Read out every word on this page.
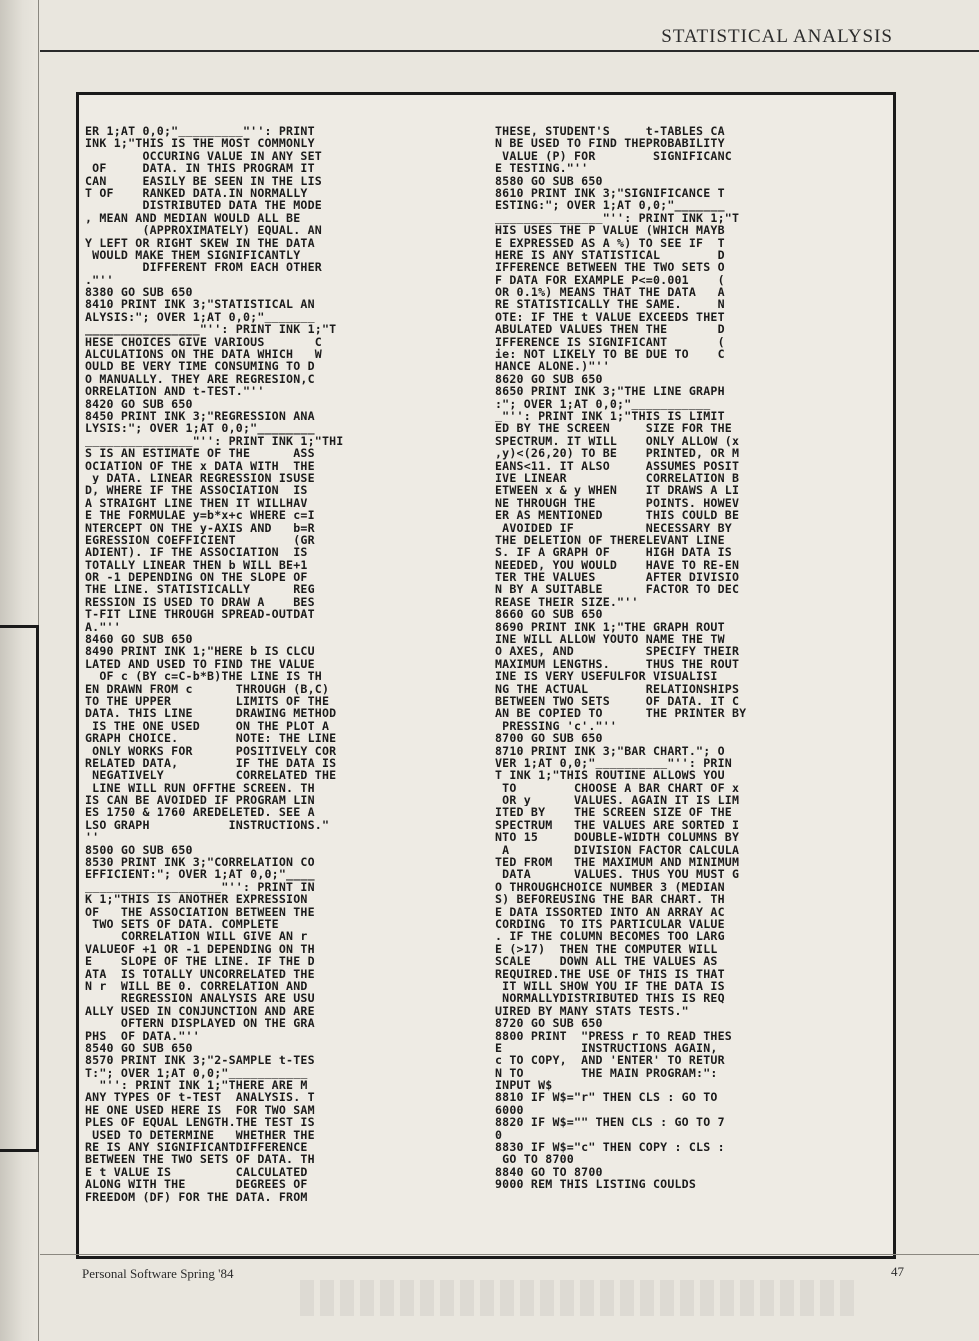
STATISTICAL ANALYSIS
ER 1;AT 0,0;"_________"'': PRINT
INK 1;"THIS IS THE MOST COMMONLY
OCCURING VALUE IN ANY SET
OF     DATA. IN THIS PROGRAM IT
CAN     EASILY BE SEEN IN THE LIS
T OF    RANKED DATA.IN NORMALLY
DISTRIBUTED DATA THE MODE
, MEAN AND MEDIAN WOULD ALL BE
(APPROXIMATELY) EQUAL. AN
Y LEFT OR RIGHT SKEW IN THE DATA
WOULD MAKE THEM SIGNIFICANTLY
DIFFERENT FROM EACH OTHER
."''
8380 GO SUB 650
8410 PRINT INK 3;"STATISTICAL AN
ALYSIS:"; OVER 1;AT 0,0;"_______
________________"'': PRINT INK 1;"T
HESE CHOICES GIVE VARIOUS       C
ALCULATIONS ON THE DATA WHICH   W
OULD BE VERY TIME CONSUMING TO D
O MANUALLY. THEY ARE REGRESION,C
ORRELATION AND t-TEST."''
8420 GO SUB 650
8450 PRINT INK 3;"REGRESSION ANA
LYSIS:"; OVER 1;AT 0,0;"________
_______________"'': PRINT INK 1;"THI
S IS AN ESTIMATE OF THE      ASS
OCIATION OF THE x DATA WITH  THE
y DATA. LINEAR REGRESSION ISUSE
D, WHERE IF THE ASSOCIATION  IS
A STRAIGHT LINE THEN IT WILLHAV
E THE FORMULAE y=b*x+c WHERE c=I
NTERCEPT ON THE y-AXIS AND   b=R
EGRESSION COEFFICIENT        (GR
ADIENT). IF THE ASSOCIATION  IS
TOTALLY LINEAR THEN b WILL BE+1
OR -1 DEPENDING ON THE SLOPE OF
THE LINE. STATISTICALLY      REG
RESSION IS USED TO DRAW A    BES
T-FIT LINE THROUGH SPREAD-OUTDAT
A."''
8460 GO SUB 650
8490 PRINT INK 1;"HERE b IS CLCU
LATED AND USED TO FIND THE VALUE
OF c (BY c=C-b*B)THE LINE IS TH
EN DRAWN FROM c      THROUGH (B,C)
TO THE UPPER         LIMITS OF THE
DATA. THIS LINE      DRAWING METHOD
IS THE ONE USED     ON THE PLOT A
GRAPH CHOICE.        NOTE: THE LINE
ONLY WORKS FOR      POSITIVELY COR
RELATED DATA,        IF THE DATA IS
NEGATIVELY          CORRELATED THE
LINE WILL RUN OFFTHE SCREEN. TH
IS CAN BE AVOIDED IF PROGRAM LIN
ES 1750 & 1760 AREDELETED. SEE A
LSO GRAPH           INSTRUCTIONS."
''
8500 GO SUB 650
8530 PRINT INK 3;"CORRELATION CO
EFFICIENT:"; OVER 1;AT 0,0;"____
___________________"'': PRINT IN
K 1;"THIS IS ANOTHER EXPRESSION
OF   THE ASSOCIATION BETWEEN THE
TWO SETS OF DATA. COMPLETE
CORRELATION WILL GIVE AN r
VALUEOF +1 OR -1 DEPENDING ON TH
E    SLOPE OF THE LINE. IF THE D
ATA  IS TOTALLY UNCORRELATED THE
N r  WILL BE 0. CORRELATION AND
REGRESSION ANALYSIS ARE USU
ALLY USED IN CONJUNCTION AND ARE
OFTERN DISPLAYED ON THE GRA
PHS  OF DATA."''
8540 GO SUB 650
8570 PRINT INK 3;"2-SAMPLE t-TES
T:"; OVER 1;AT 0,0;"___________
"'': PRINT INK 1;"THERE ARE M
ANY TYPES OF t-TEST  ANALYSIS. T
HE ONE USED HERE IS  FOR TWO SAM
PLES OF EQUAL LENGTH.THE TEST IS
USED TO DETERMINE   WHETHER THE
RE IS ANY SIGNIFICANTDIFFERENCE
BETWEEN THE TWO SETS OF DATA. TH
E t VALUE IS         CALCULATED
ALONG WITH THE       DEGREES OF
FREEDOM (DF) FOR THE DATA. FROM
THESE, STUDENT'S     t-TABLES CA
N BE USED TO FIND THEPROBABILITY
VALUE (P) FOR        SIGNIFICANC
E TESTING."''
8580 GO SUB 650
8610 PRINT INK 3;"SIGNIFICANCE T
ESTING:"; OVER 1;AT 0,0;"_______
_______________"'': PRINT INK 1;"T
HIS USES THE P VALUE (WHICH MAYB
E EXPRESSED AS A %) TO SEE IF  T
HERE IS ANY STATISTICAL        D
IFFERENCE BETWEEN THE TWO SETS O
F DATA FOR EXAMPLE P<=0.001    (
OR 0.1%) MEANS THAT THE DATA   A
RE STATISTICALLY THE SAME.     N
OTE: IF THE t VALUE EXCEEDS THET
ABULATED VALUES THEN THE       D
IFFERENCE IS SIGNIFICANT       (
ie: NOT LIKELY TO BE DUE TO    C
HANCE ALONE.)"''
8620 GO SUB 650
8650 PRINT INK 3;"THE LINE GRAPH
:"; OVER 1;AT 0,0;"___________
_"'': PRINT INK 1;"THIS IS LIMIT
ED BY THE SCREEN     SIZE FOR THE
SPECTRUM. IT WILL    ONLY ALLOW (x
,y)<(26,20) TO BE    PRINTED, OR M
EANS<11. IT ALSO     ASSUMES POSIT
IVE LINEAR           CORRELATION B
ETWEEN x & y WHEN    IT DRAWS A LI
NE THROUGH THE       POINTS. HOWEV
ER AS MENTIONED      THIS COULD BE
AVOIDED IF          NECESSARY BY
THE DELETION OF THERELEVANT LINE
S. IF A GRAPH OF     HIGH DATA IS
NEEDED, YOU WOULD    HAVE TO RE-EN
TER THE VALUES       AFTER DIVISIO
N BY A SUITABLE      FACTOR TO DEC
REASE THEIR SIZE."''
8660 GO SUB 650
8690 PRINT INK 1;"THE GRAPH ROUT
INE WILL ALLOW YOUTO NAME THE TW
O AXES, AND          SPECIFY THEIR
MAXIMUM LENGTHS.     THUS THE ROUT
INE IS VERY USEFULFOR VISUALISI
NG THE ACTUAL        RELATIONSHIPS
BETWEEN TWO SETS     OF DATA. IT C
AN BE COPIED TO      THE PRINTER BY
PRESSING 'c'."''
8700 GO SUB 650
8710 PRINT INK 3;"BAR CHART."; O
VER 1;AT 0,0;"__________"'': PRIN
T INK 1;"THIS ROUTINE ALLOWS YOU
TO        CHOOSE A BAR CHART OF x
OR y      VALUES. AGAIN IT IS LIM
ITED BY    THE SCREEN SIZE OF THE
SPECTRUM   THE VALUES ARE SORTED I
NTO 15     DOUBLE-WIDTH COLUMNS BY
A         DIVISION FACTOR CALCULA
TED FROM   THE MAXIMUM AND MINIMUM
DATA      VALUES. THUS YOU MUST G
O THROUGHCHOICE NUMBER 3 (MEDIAN
S) BEFOREUSING THE BAR CHART. TH
E DATA ISSORTED INTO AN ARRAY AC
CORDING  TO ITS PARTICULAR VALUE
. IF THE COLUMN BECOMES TOO LARG
E (>17)  THEN THE COMPUTER WILL
SCALE    DOWN ALL THE VALUES AS
REQUIRED.THE USE OF THIS IS THAT
IT WILL SHOW YOU IF THE DATA IS
NORMALLYDISTRIBUTED THIS IS REQ
UIRED BY MANY STATS TESTS."
8720 GO SUB 650
8800 PRINT  "PRESS r TO READ THES
E           INSTRUCTIONS AGAIN,
c TO COPY,  AND 'ENTER' TO RETUR
N TO        THE MAIN PROGRAM:":
INPUT W$
8810 IF W$="r" THEN CLS : GO TO
6000
8820 IF W$="" THEN CLS : GO TO 7
0
8830 IF W$="c" THEN COPY : CLS :
GO TO 8700
8840 GO TO 8700
9000 REM THIS LISTING COULDS

Personal Software Spring '84	47
